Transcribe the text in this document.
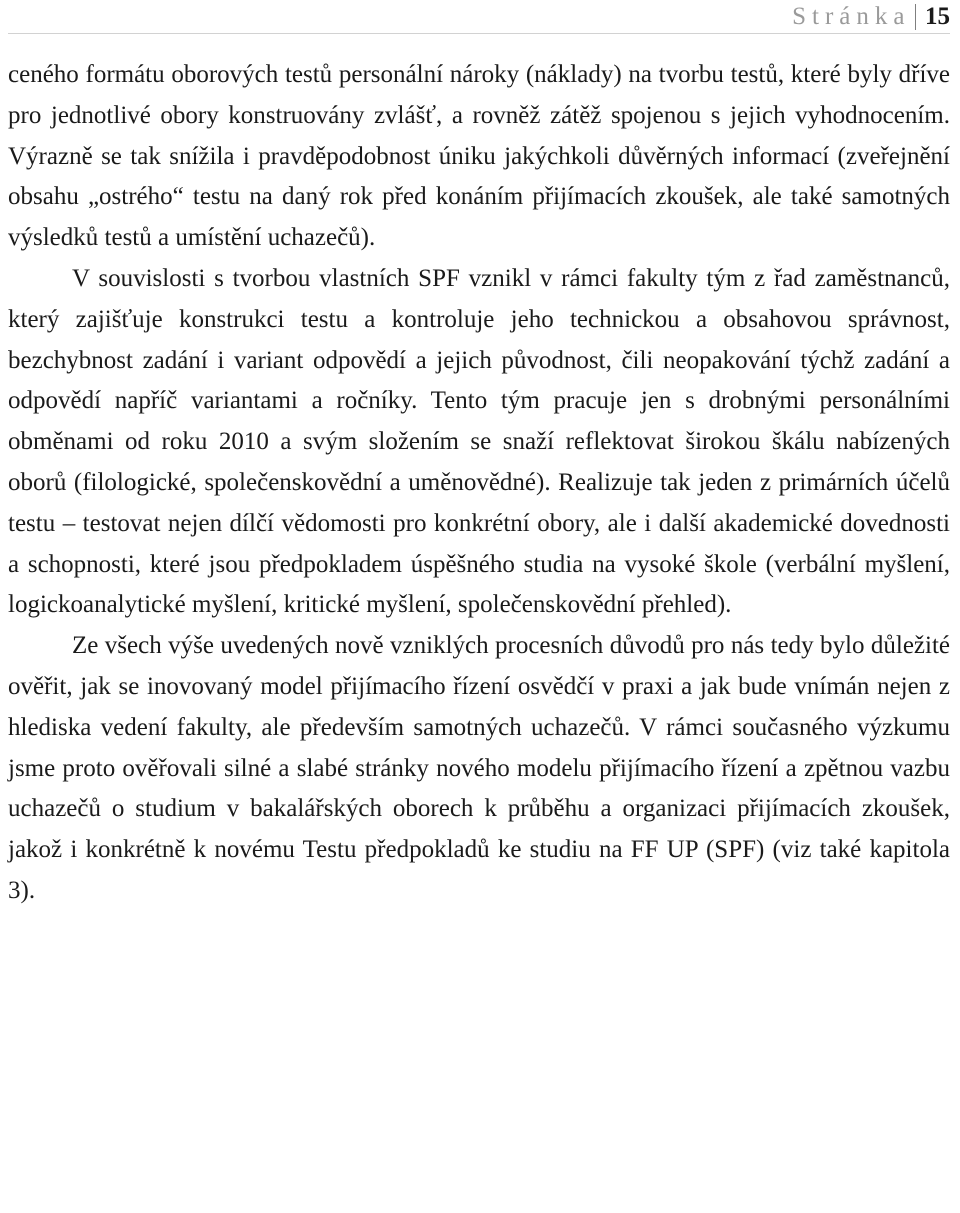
Stránka 15

ceného formátu oborových testů personální nároky (náklady) na tvorbu testů, které byly dříve pro jednotlivé obory konstruovány zvlášť, a rovněž zátěž spojenou s jejich vyhodnocením. Výrazně se tak snížila i pravděpodobnost úniku jakýchkoli důvěrných informací (zveřejnění obsahu „ostrého“ testu na daný rok před konáním přijímacích zkoušek, ale také samotných výsledků testů a umístění uchazečů).

V souvislosti s tvorbou vlastních SPF vznikl v rámci fakulty tým z řad zaměstnanců, který zajišťuje konstrukci testu a kontroluje jeho technickou a obsahovou správnost, bezchybnost zadání i variant odpovědí a jejich původnost, čili neopakování týchž zadání a odpovědí napříč variantami a ročníky. Tento tým pracuje jen s drobnými personálními obměnami od roku 2010 a svým složením se snaží reflektovat širokou škálu nabízených oborů (filologické, společenskovědní a uměnovědné). Realizuje tak jeden z primárních účelů testu – testovat nejen dílčí vědomosti pro konkrétní obory, ale i další akademické dovednosti a schopnosti, které jsou předpokladem úspěšného studia na vysoké škole (verbální myšlení, logickoanalytické myšlení, kritické myšlení, společenskovědní přehled).

Ze všech výše uvedených nově vzniklých procesních důvodů pro nás tedy bylo důležité ověřit, jak se inovovaný model přijímacího řízení osvědčí v praxi a jak bude vnímán nejen z hlediska vedení fakulty, ale především samotných uchazečů. V rámci současného výzkumu jsme proto ověřovali silné a slabé stránky nového modelu přijímacího řízení a zpětnou vazbu uchazečů o studium v bakalářských oborech k průběhu a organizaci přijímacích zkoušek, jakož i konkrétně k novému Testu předpokladů ke studiu na FF UP (SPF) (viz také kapitola 3).
